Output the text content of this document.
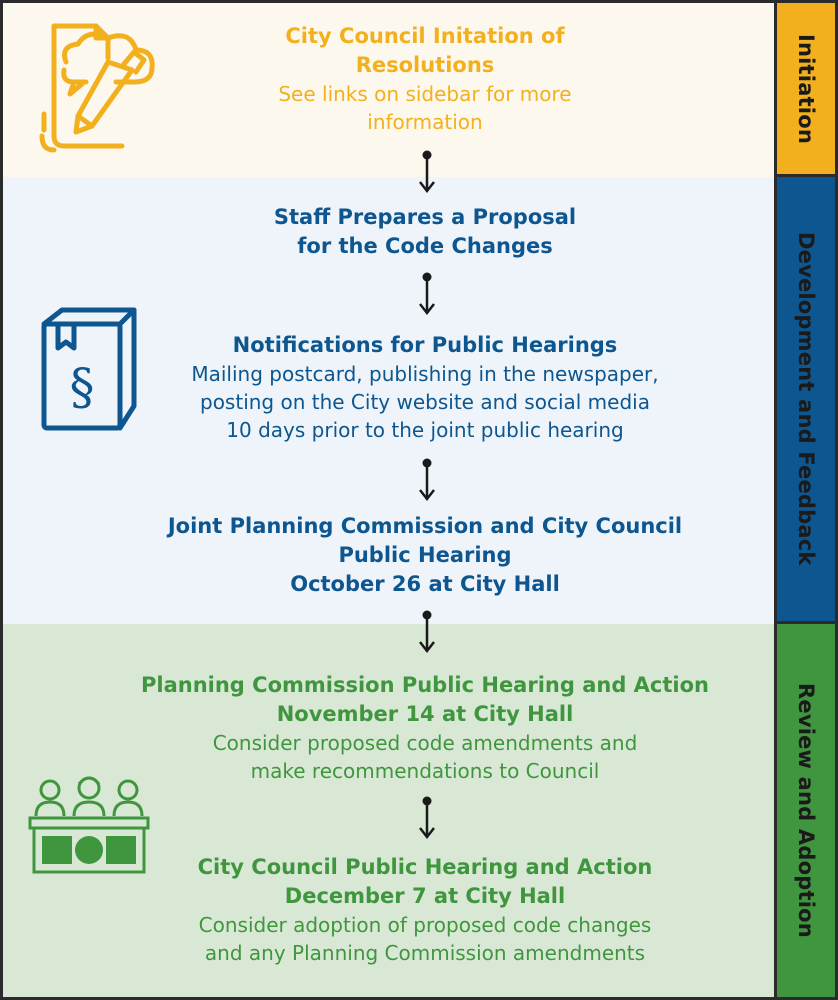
Initiation
Development and Feedback
Review and Adoption
§
City Council Initation of
Resolutions
See links on sidebar for more
information
Staff Prepares a Proposal
for the Code Changes
Notifications for Public Hearings
Mailing postcard, publishing in the newspaper,
posting on the City website and social media
10 days prior to the joint public hearing
Joint Planning Commission and City Council
Public Hearing
October 26 at City Hall
Planning Commission Public Hearing and Action
November 14 at City Hall
Consider proposed code amendments and
make recommendations to Council
City Council Public Hearing and Action
December 7 at City Hall
Consider adoption of proposed code changes
and any Planning Commission amendments
